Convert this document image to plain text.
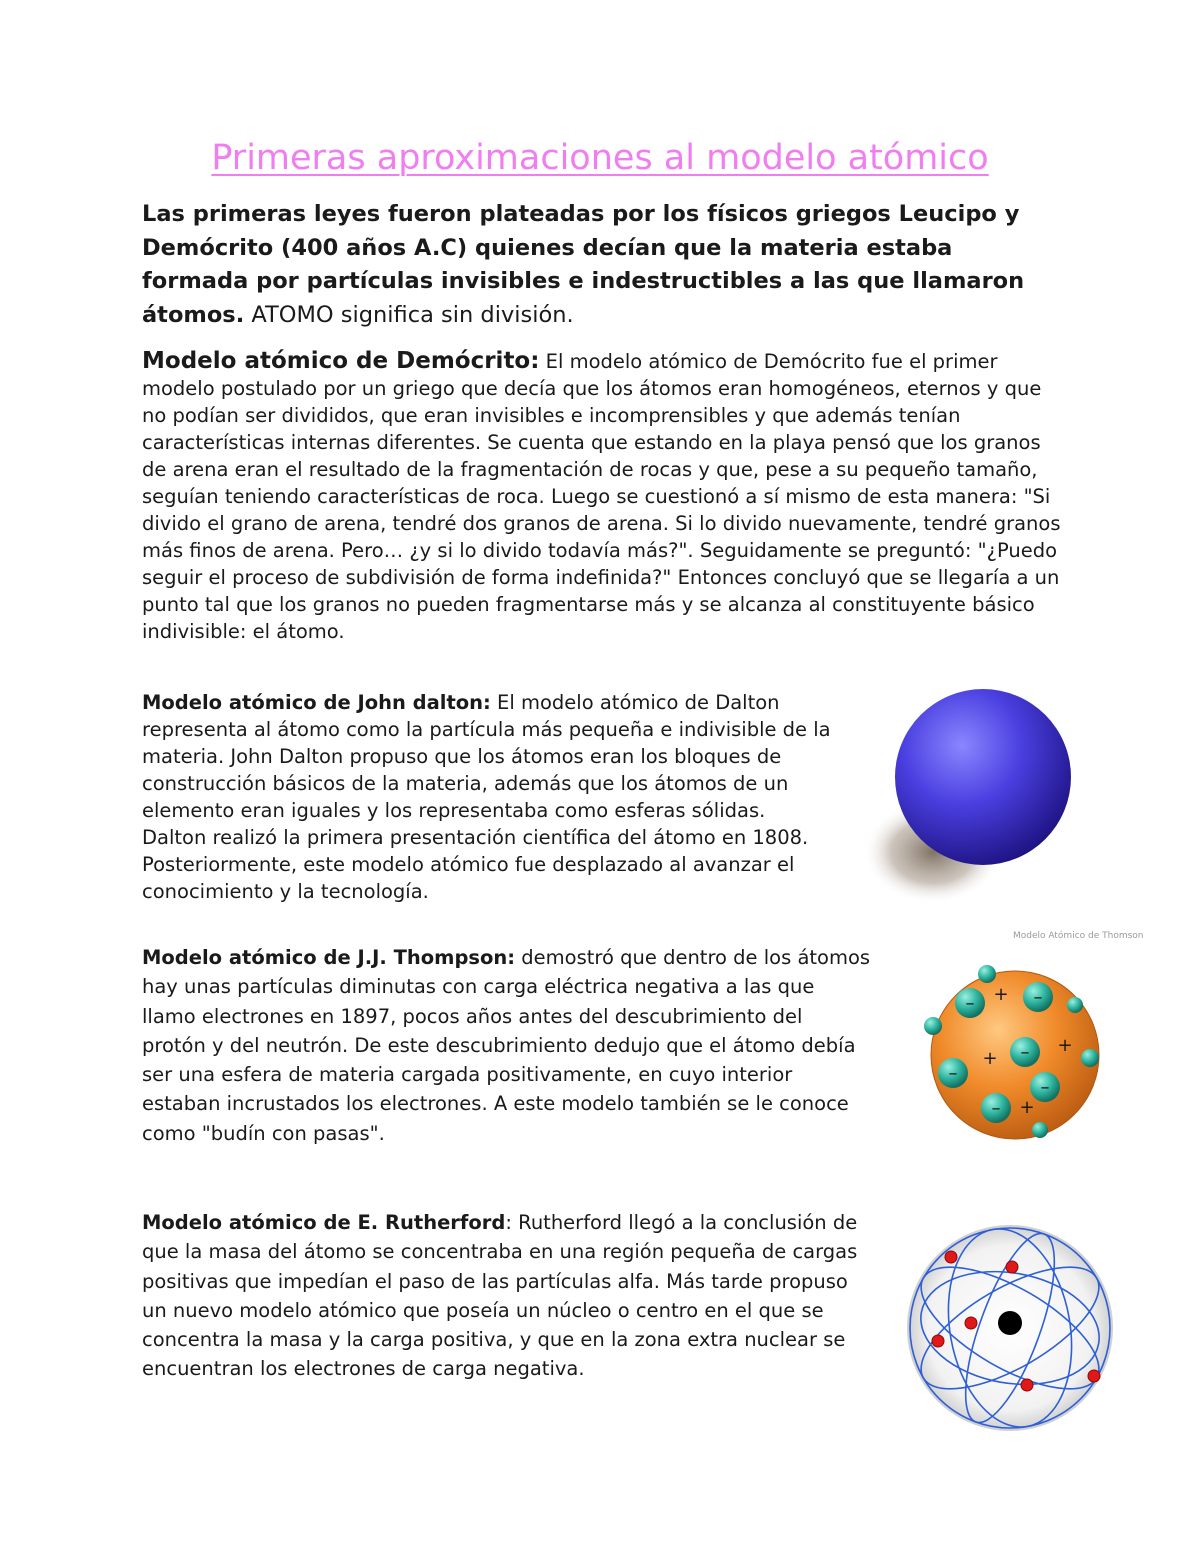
Primeras aproximaciones al modelo atómico

Las primeras leyes fueron plateadas por los físicos griegos Leucipo y Demócrito (400 años A.C) quienes decían que la materia estaba formada por partículas invisibles e indestructibles a las que llamaron átomos. ATOMO significa sin división.

Modelo atómico de Demócrito: El modelo atómico de Demócrito fue el primer modelo postulado por un griego que decía que los átomos eran homogéneos, eternos y que no podían ser divididos, que eran invisibles e incomprensibles y que además tenían características internas diferentes. Se cuenta que estando en la playa pensó que los granos de arena eran el resultado de la fragmentación de rocas y que, pese a su pequeño tamaño, seguían teniendo características de roca. Luego se cuestionó a sí mismo de esta manera: "Si divido el grano de arena, tendré dos granos de arena. Si lo divido nuevamente, tendré granos más finos de arena. Pero… ¿y si lo divido todavía más?". Seguidamente se preguntó: "¿Puedo seguir el proceso de subdivisión de forma indefinida?" Entonces concluyó que se llegaría a un punto tal que los granos no pueden fragmentarse más y se alcanza al constituyente básico indivisible: el átomo.

Modelo atómico de John dalton: El modelo atómico de Dalton representa al átomo como la partícula más pequeña e indivisible de la materia. John Dalton propuso que los átomos eran los bloques de construcción básicos de la materia, además que los átomos de un elemento eran iguales y los representaba como esferas sólidas. Dalton realizó la primera presentación científica del átomo en 1808. Posteriormente, este modelo atómico fue desplazado al avanzar el conocimiento y la tecnología.

Modelo Atómico de Thomson

Modelo atómico de J.J. Thompson: demostró que dentro de los átomos hay unas partículas diminutas con carga eléctrica negativa a las que llamo electrones en 1897, pocos años antes del descubrimiento del protón y del neutrón. De este descubrimiento dedujo que el átomo debía ser una esfera de materia cargada positivamente, en cuyo interior estaban incrustados los electrones. A este modelo también se le conoce como "budín con pasas".

–	–
–
–
–
–
+
+
+
+

Modelo atómico de E. Rutherford: Rutherford llegó a la conclusión de que la masa del átomo se concentraba en una región pequeña de cargas positivas que impedían el paso de las partículas alfa. Más tarde propuso un nuevo modelo atómico que poseía un núcleo o centro en el que se concentra la masa y la carga positiva, y que en la zona extra nuclear se encuentran los electrones de carga negativa.
